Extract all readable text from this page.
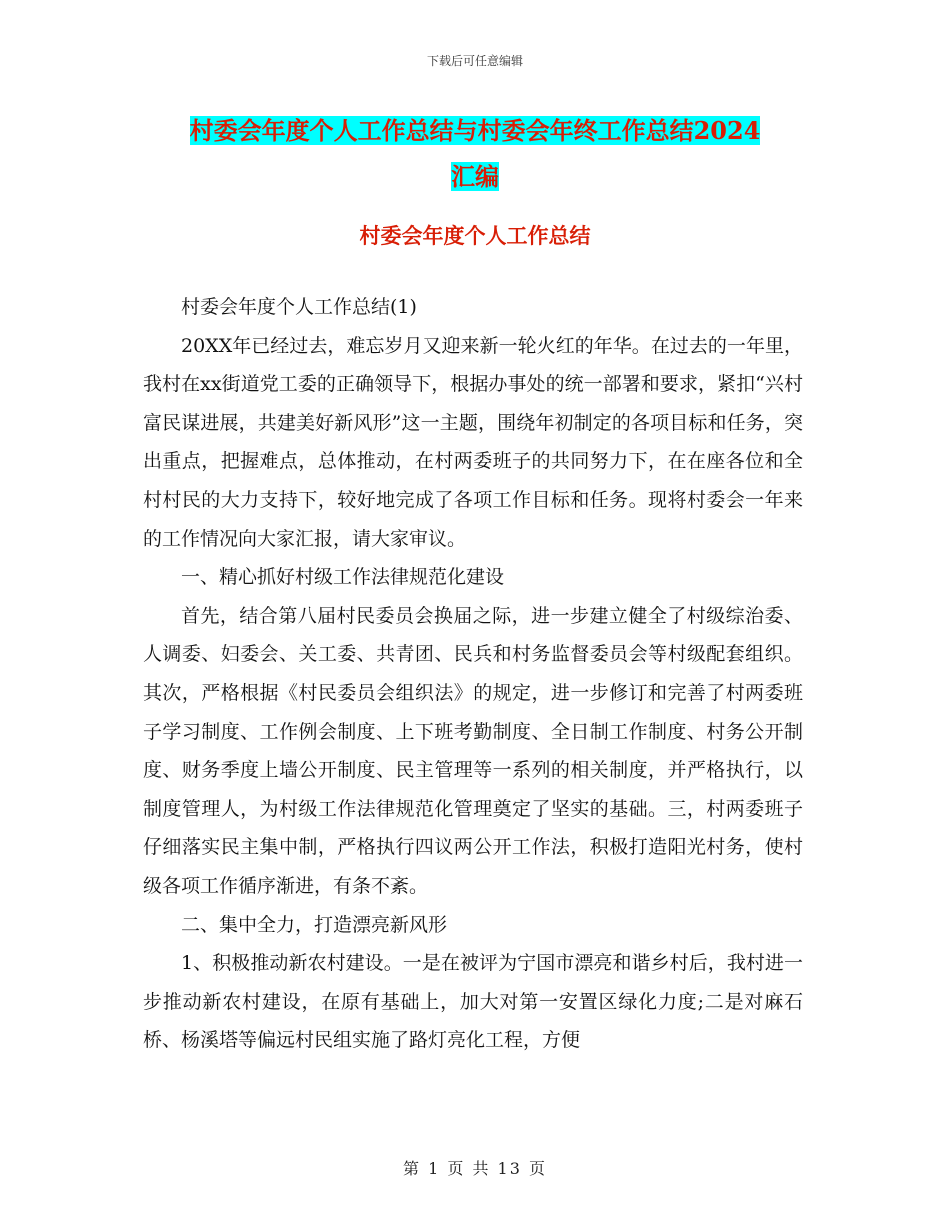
下载后可任意编辑
村委会年度个人工作总结与村委会年终工作总结2024
汇编
村委会年度个人工作总结

村委会年度个人工作总结(1)

20XX年已经过去，难忘岁月又迎来新一轮火红的年华。在过去的一年里，我村在xx街道党工委的正确领导下，根据办事处的统一部署和要求，紧扣“兴村富民谋进展，共建美好新风形”这一主题，围绕年初制定的各项目标和任务，突出重点，把握难点，总体推动，在村两委班子的共同努力下，在在座各位和全村村民的大力支持下，较好地完成了各项工作目标和任务。现将村委会一年来的工作情况向大家汇报，请大家审议。

一、精心抓好村级工作法律规范化建设

首先，结合第八届村民委员会换届之际，进一步建立健全了村级综治委、人调委、妇委会、关工委、共青团、民兵和村务监督委员会等村级配套组织。其次，严格根据《村民委员会组织法》的规定，进一步修订和完善了村两委班子学习制度、工作例会制度、上下班考勤制度、全日制工作制度、村务公开制度、财务季度上墙公开制度、民主管理等一系列的相关制度，并严格执行，以制度管理人，为村级工作法律规范化管理奠定了坚实的基础。三，村两委班子仔细落实民主集中制，严格执行四议两公开工作法，积极打造阳光村务，使村级各项工作循序渐进，有条不紊。

二、集中全力，打造漂亮新风形

1、积极推动新农村建设。一是在被评为宁国市漂亮和谐乡村后，我村进一步推动新农村建设，在原有基础上，加大对第一安置区绿化力度;二是对麻石桥、杨溪塔等偏远村民组实施了路灯亮化工程，方便

第 1 页 共 13 页
